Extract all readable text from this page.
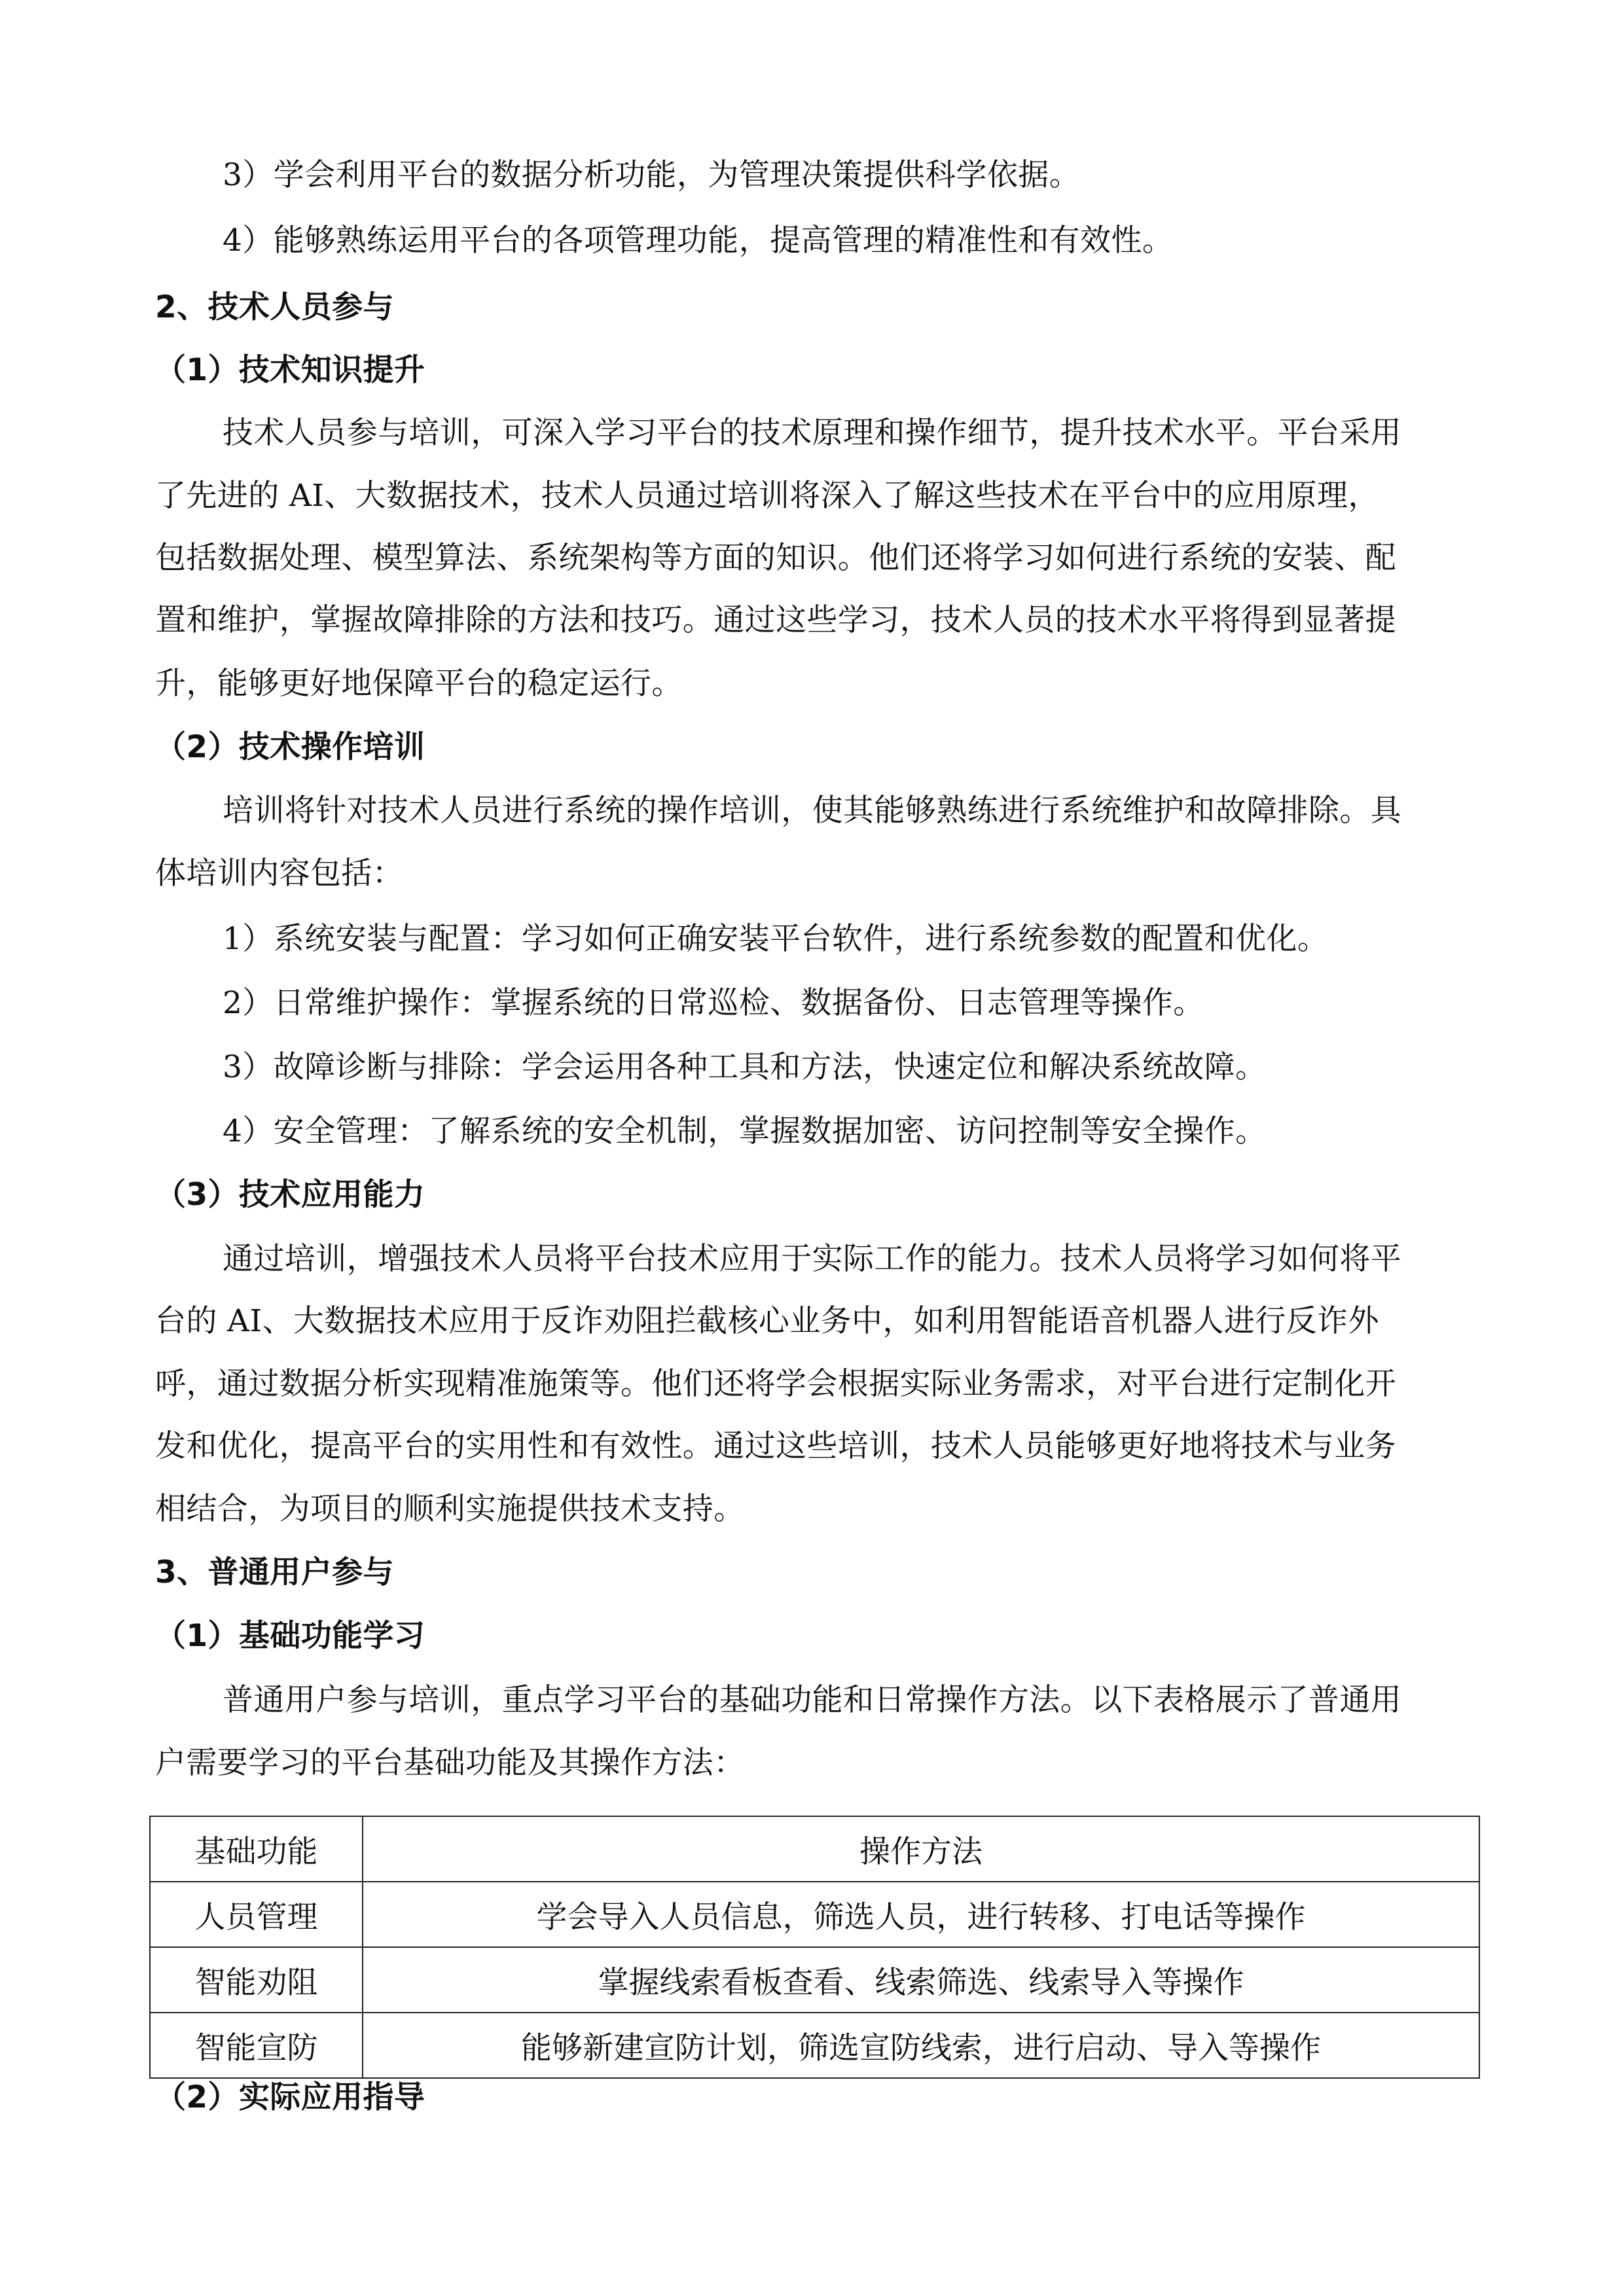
3）学会利用平台的数据分析功能，为管理决策提供科学依据。
4）能够熟练运用平台的各项管理功能，提高管理的精准性和有效性。
2、技术人员参与
（1）技术知识提升
技术人员参与培训，可深入学习平台的技术原理和操作细节，提升技术水平。平台采用
了先进的 AI、大数据技术，技术人员通过培训将深入了解这些技术在平台中的应用原理，
包括数据处理、模型算法、系统架构等方面的知识。他们还将学习如何进行系统的安装、配
置和维护，掌握故障排除的方法和技巧。通过这些学习，技术人员的技术水平将得到显著提
升，能够更好地保障平台的稳定运行。
（2）技术操作培训
培训将针对技术人员进行系统的操作培训，使其能够熟练进行系统维护和故障排除。具
体培训内容包括：
1）系统安装与配置：学习如何正确安装平台软件，进行系统参数的配置和优化。
2）日常维护操作：掌握系统的日常巡检、数据备份、日志管理等操作。
3）故障诊断与排除：学会运用各种工具和方法，快速定位和解决系统故障。
4）安全管理：了解系统的安全机制，掌握数据加密、访问控制等安全操作。
（3）技术应用能力
通过培训，增强技术人员将平台技术应用于实际工作的能力。技术人员将学习如何将平
台的 AI、大数据技术应用于反诈劝阻拦截核心业务中，如利用智能语音机器人进行反诈外
呼，通过数据分析实现精准施策等。他们还将学会根据实际业务需求，对平台进行定制化开
发和优化，提高平台的实用性和有效性。通过这些培训，技术人员能够更好地将技术与业务
相结合，为项目的顺利实施提供技术支持。
3、普通用户参与
（1）基础功能学习
普通用户参与培训，重点学习平台的基础功能和日常操作方法。以下表格展示了普通用
户需要学习的平台基础功能及其操作方法：
基础功能	操作方法
人员管理	学会导入人员信息，筛选人员，进行转移、打电话等操作
智能劝阻	掌握线索看板查看、线索筛选、线索导入等操作
智能宣防	能够新建宣防计划，筛选宣防线索，进行启动、导入等操作
（2）实际应用指导
